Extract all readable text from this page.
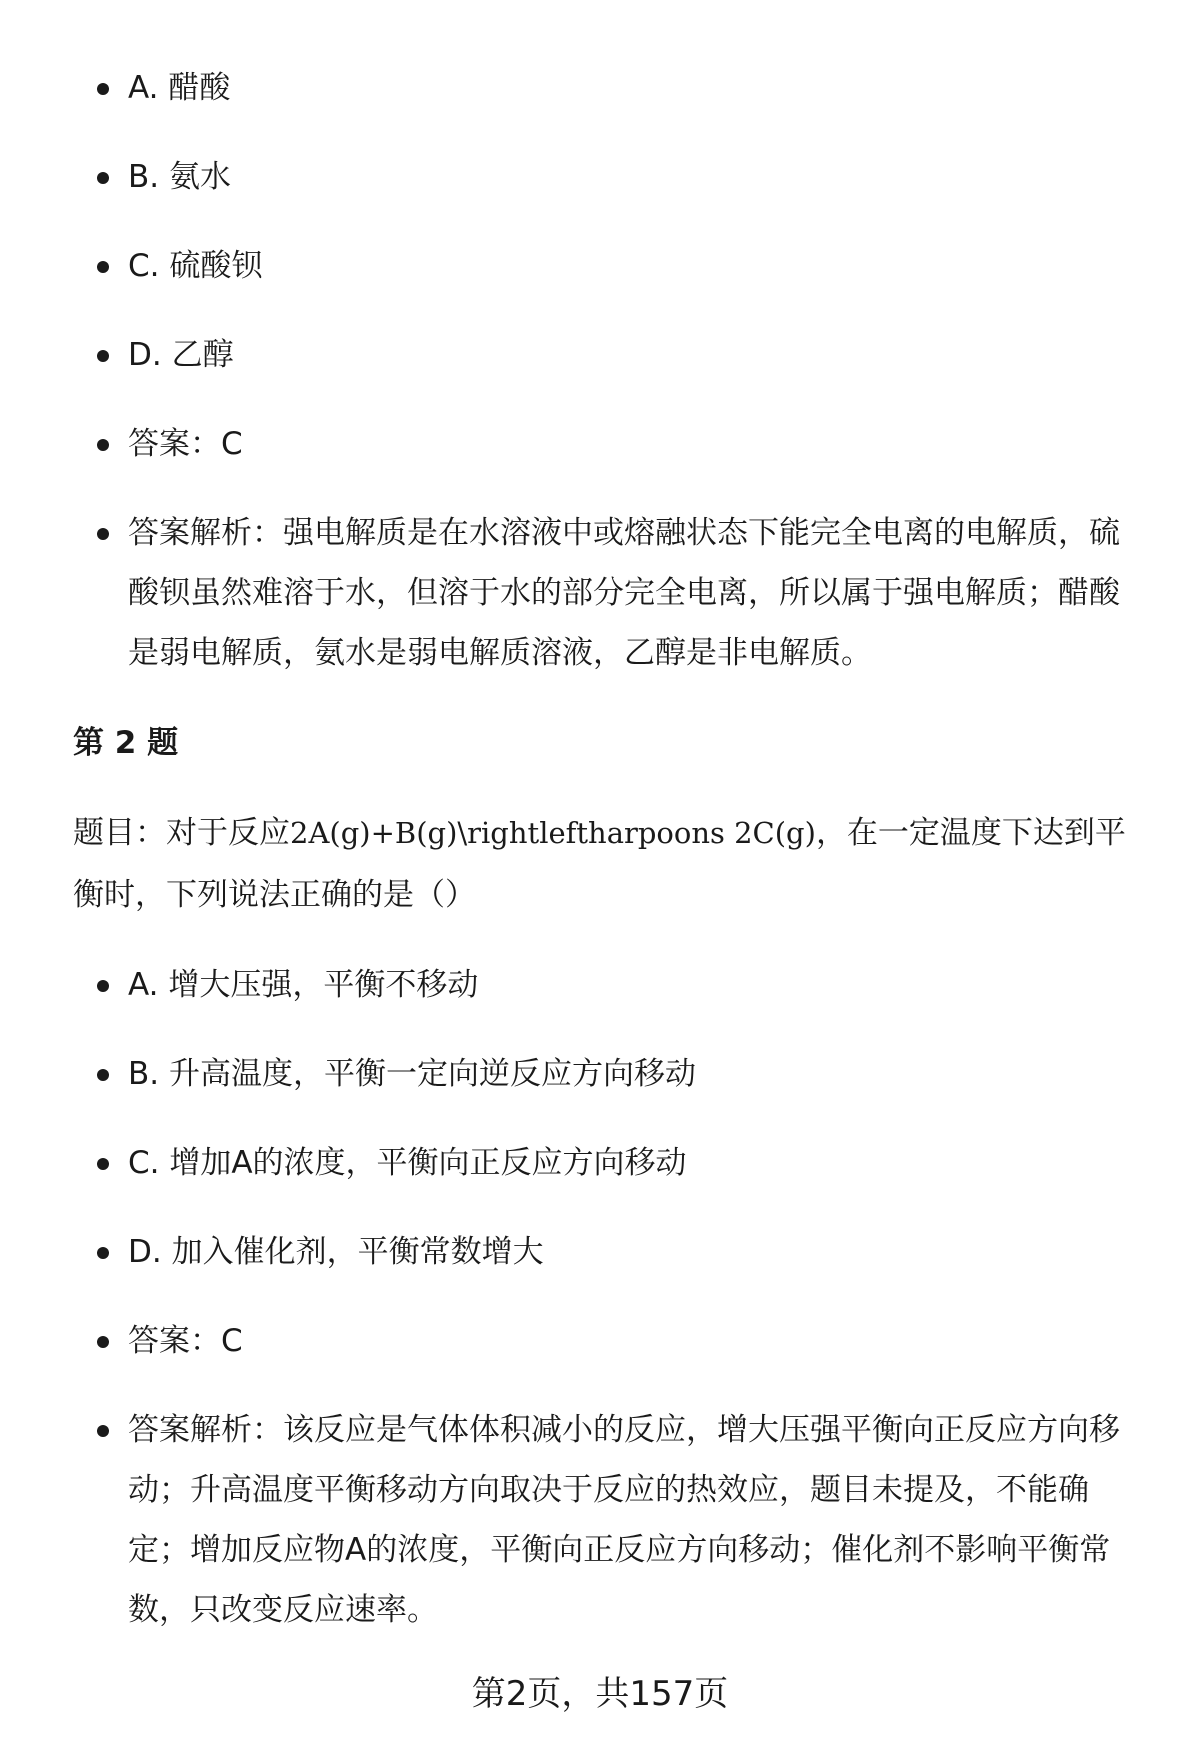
A. 醋酸
B. 氨水
C. 硫酸钡
D. 乙醇
答案：C
答案解析：强电解质是在水溶液中或熔融状态下能完全电离的电解质，硫酸钡虽然难溶于水，但溶于水的部分完全电离，所以属于强电解质；醋酸是弱电解质，氨水是弱电解质溶液，乙醇是非电解质。
第 2 题
题目：对于反应2A(g)+B(g)\rightleftharpoons 2C(g)，在一定温度下达到平衡时，下列说法正确的是（）
A. 增大压强，平衡不移动
B. 升高温度，平衡一定向逆反应方向移动
C. 增加A的浓度，平衡向正反应方向移动
D. 加入催化剂，平衡常数增大
答案：C
答案解析：该反应是气体体积减小的反应，增大压强平衡向正反应方向移动；升高温度平衡移动方向取决于反应的热效应，题目未提及，不能确定；增加反应物A的浓度，平衡向正反应方向移动；催化剂不影响平衡常数，只改变反应速率。
第2页，共157页
